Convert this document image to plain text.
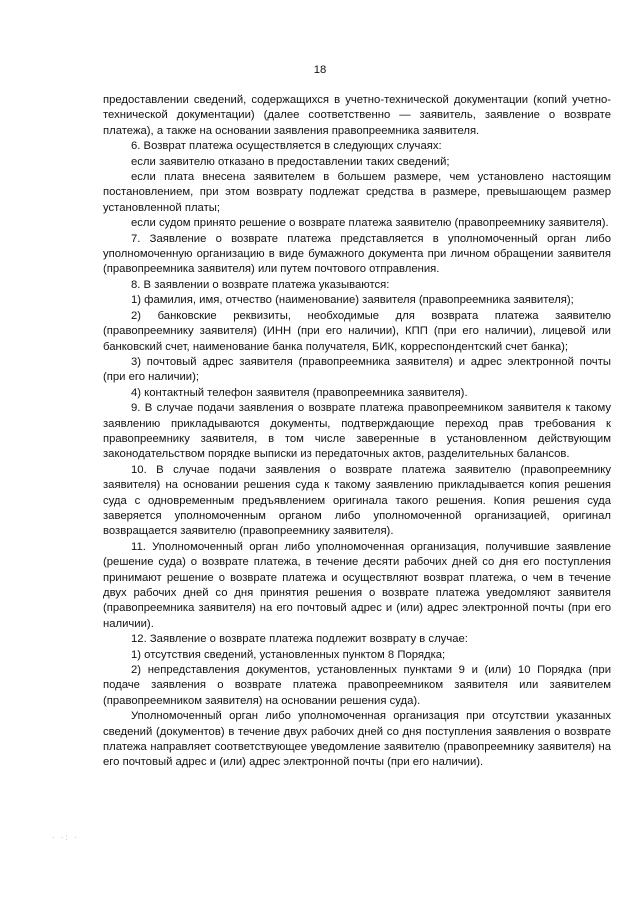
18

предоставлении сведений, содержащихся в учетно-технической документации (копий учетно-технической документации) (далее соответственно — заявитель, заявление о возврате платежа), а также на основании заявления правопреемника заявителя.

6. Возврат платежа осуществляется в следующих случаях:

если заявителю отказано в предоставлении таких сведений;

если плата внесена заявителем в большем размере, чем установлено настоящим постановлением, при этом возврату подлежат средства в размере, превышающем размер установленной платы;

если судом принято решение о возврате платежа заявителю (правопреемнику заявителя).

7. Заявление о возврате платежа представляется в уполномоченный орган либо уполномоченную организацию в виде бумажного документа при личном обращении заявителя (правопреемника заявителя) или путем почтового отправления.

8. В заявлении о возврате платежа указываются:

1) фамилия, имя, отчество (наименование) заявителя (правопреемника заявителя);

2) банковские реквизиты, необходимые для возврата платежа заявителю (правопреемнику заявителя) (ИНН (при его наличии), КПП (при его наличии), лицевой или банковский счет, наименование банка получателя, БИК, корреспондентский счет банка);

3) почтовый адрес заявителя (правопреемника заявителя) и адрес электронной почты (при его наличии);

4) контактный телефон заявителя (правопреемника заявителя).

9. В случае подачи заявления о возврате платежа правопреемником заявителя к такому заявлению прикладываются документы, подтверждающие переход прав требования к правопреемнику заявителя, в том числе заверенные в установленном действующим законодательством порядке выписки из передаточных актов, разделительных балансов.

10. В случае подачи заявления о возврате платежа заявителю (правопреемнику заявителя) на основании решения суда к такому заявлению прикладывается копия решения суда с одновременным предъявлением оригинала такого решения. Копия решения суда заверяется уполномоченным органом либо уполномоченной организацией, оригинал возвращается заявителю (правопреемнику заявителя).

11. Уполномоченный орган либо уполномоченная организация, получившие заявление (решение суда) о возврате платежа, в течение десяти рабочих дней со дня его поступления принимают решение о возврате платежа и осуществляют возврат платежа, о чем в течение двух рабочих дней со дня принятия решения о возврате платежа уведомляют заявителя (правопреемника заявителя) на его почтовый адрес и (или) адрес электронной почты (при его наличии).

12. Заявление о возврате платежа подлежит возврату в случае:

1) отсутствия сведений, установленных пунктом 8 Порядка;

2) непредставления документов, установленных пунктами 9 и (или) 10 Порядка (при подаче заявления о возврате платежа правопреемником заявителя или заявителем (правопреемником заявителя) на основании решения суда).

Уполномоченный орган либо уполномоченная организация при отсутствии указанных сведений (документов) в течение двух рабочих дней со дня поступления заявления о возврате платежа направляет соответствующее уведомление заявителю (правопреемнику заявителя) на его почтовый адрес и (или) адрес электронной почты (при его наличии).

· ·: ·
